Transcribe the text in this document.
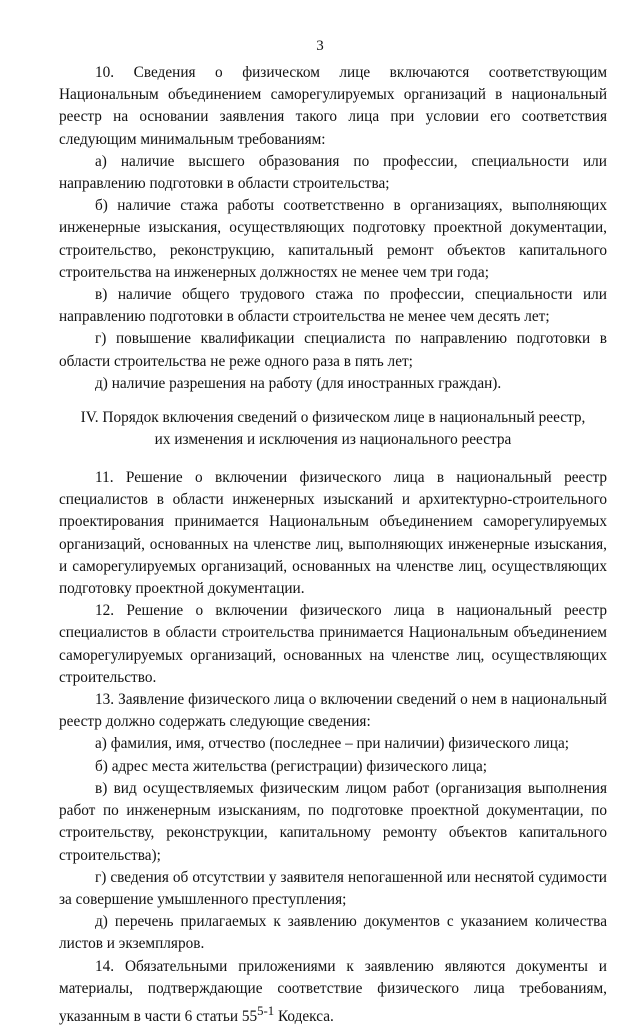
3

10. Сведения о физическом лице включаются соответствующим Национальным объединением саморегулируемых организаций в национальный реестр на основании заявления такого лица при условии его соответствия следующим минимальным требованиям:

а) наличие высшего образования по профессии, специальности или направлению подготовки в области строительства;

б) наличие стажа работы соответственно в организациях, выполняющих инженерные изыскания, осуществляющих подготовку проектной документации, строительство, реконструкцию, капитальный ремонт объектов капитального строительства на инженерных должностях не менее чем три года;

в) наличие общего трудового стажа по профессии, специальности или направлению подготовки в области строительства не менее чем десять лет;

г) повышение квалификации специалиста по направлению подготовки в области строительства не реже одного раза в пять лет;

д) наличие разрешения на работу (для иностранных граждан).

IV. Порядок включения сведений о физическом лице в национальный реестр,
их изменения и исключения из национального реестра

11. Решение о включении физического лица в национальный реестр специалистов в области инженерных изысканий и архитектурно-строительного проектирования принимается Национальным объединением саморегулируемых организаций, основанных на членстве лиц, выполняющих инженерные изыскания, и саморегулируемых организаций, основанных на членстве лиц, осуществляющих подготовку проектной документации.

12. Решение о включении физического лица в национальный реестр специалистов в области строительства принимается Национальным объединением саморегулируемых организаций, основанных на членстве лиц, осуществляющих строительство.

13. Заявление физического лица о включении сведений о нем в национальный реестр должно содержать следующие сведения:

а) фамилия, имя, отчество (последнее – при наличии) физического лица;

б) адрес места жительства (регистрации) физического лица;

в) вид осуществляемых физическим лицом работ (организация выполнения работ по инженерным изысканиям, по подготовке проектной документации, по строительству, реконструкции, капитальному ремонту объектов капитального строительства);

г) сведения об отсутствии у заявителя непогашенной или неснятой судимости за совершение умышленного преступления;

д) перечень прилагаемых к заявлению документов с указанием количества листов и экземпляров.

14. Обязательными приложениями к заявлению являются документы и материалы, подтверждающие соответствие физического лица требованиям, указанным в части 6 статьи 55$^{5-1}$ Кодекса.
